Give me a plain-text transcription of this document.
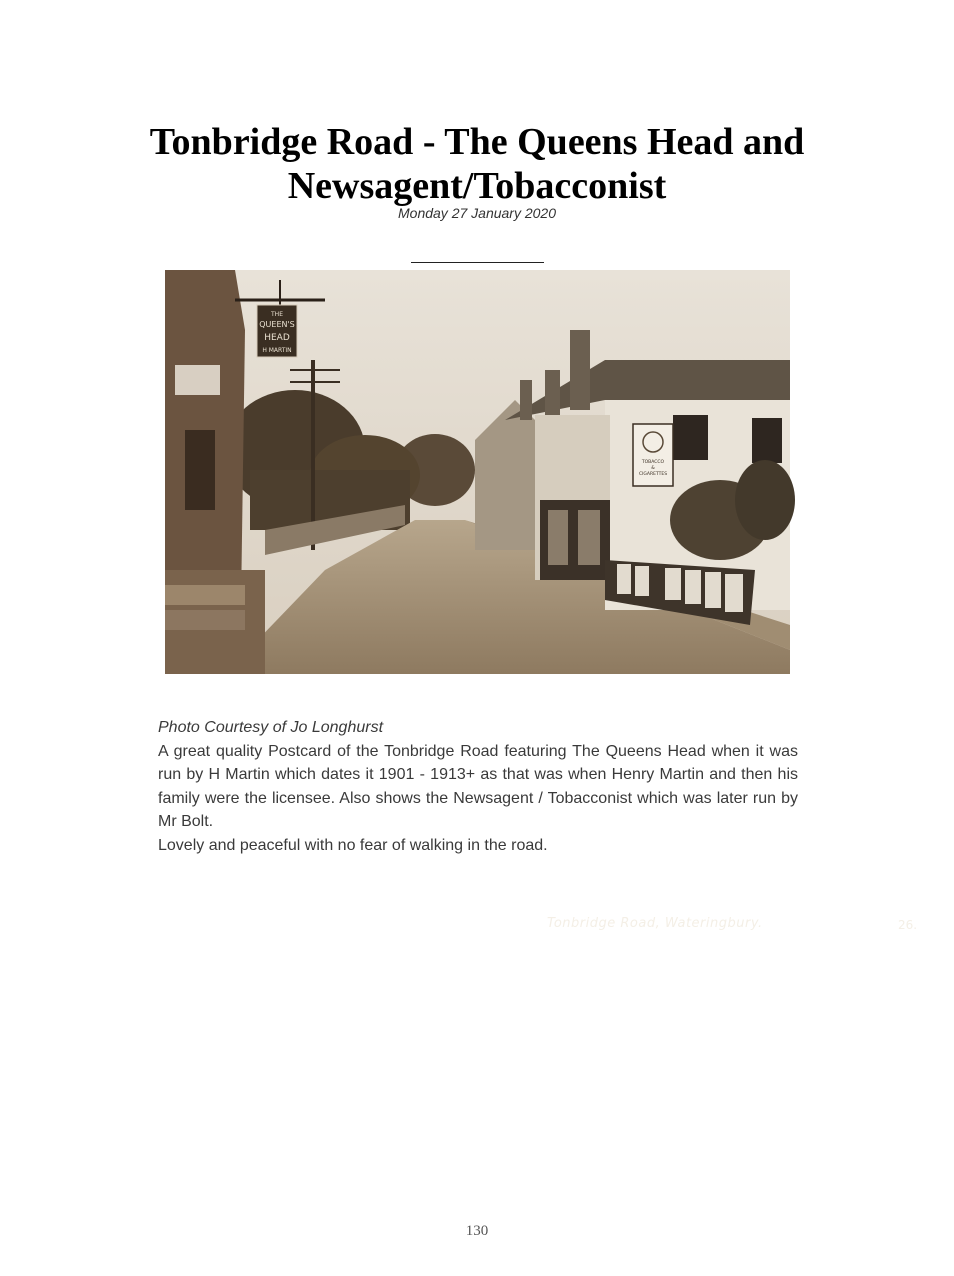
Tonbridge Road - The Queens Head and Newsagent/Tobacconist
Monday 27 January 2020
THE
QUEEN'S
HEAD
H MARTIN
TOBACCO
&
CIGARETTES
Tonbridge Road, Wateringbury.	26.
Photo Courtesy of Jo Longhurst
A great quality Postcard of the Tonbridge Road featuring The Queens Head when it was run by H Martin which dates it 1901 - 1913+ as that was when Henry Martin and then his family were the licensee. Also shows the Newsagent / Tobacconist which was later run by Mr Bolt.
Lovely and peaceful with no fear of walking in the road.
130
